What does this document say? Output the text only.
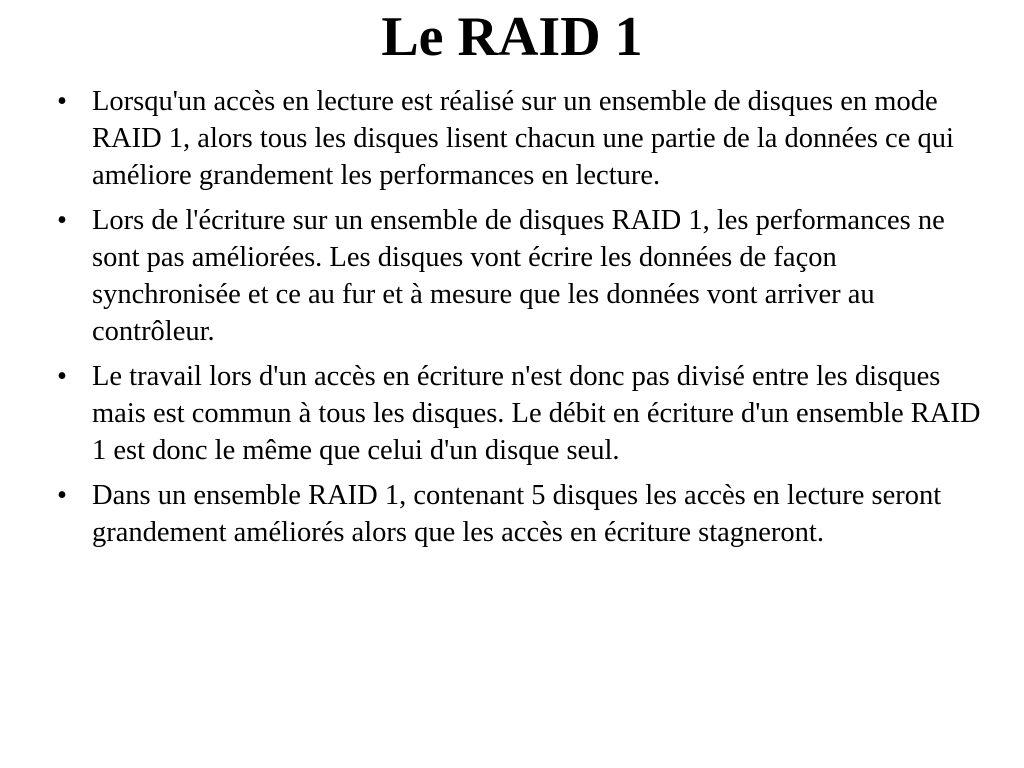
Le RAID 1
• Lorsqu'un accès en lecture est réalisé sur un ensemble de disques en mode RAID 1, alors tous les disques lisent chacun une partie de la données ce qui améliore grandement les performances en lecture.
• Lors de l'écriture sur un ensemble de disques RAID 1, les performances ne sont pas améliorées. Les disques vont écrire les données de façon synchronisée et ce au fur et à mesure que les données vont arriver au contrôleur.
• Le travail lors d'un accès en écriture n'est donc pas divisé entre les disques mais est commun à tous les disques. Le débit en écriture d'un ensemble RAID 1 est donc le même que celui d'un disque seul.
• Dans un ensemble RAID 1, contenant 5 disques les accès en lecture seront grandement améliorés alors que les accès en écriture stagneront.
